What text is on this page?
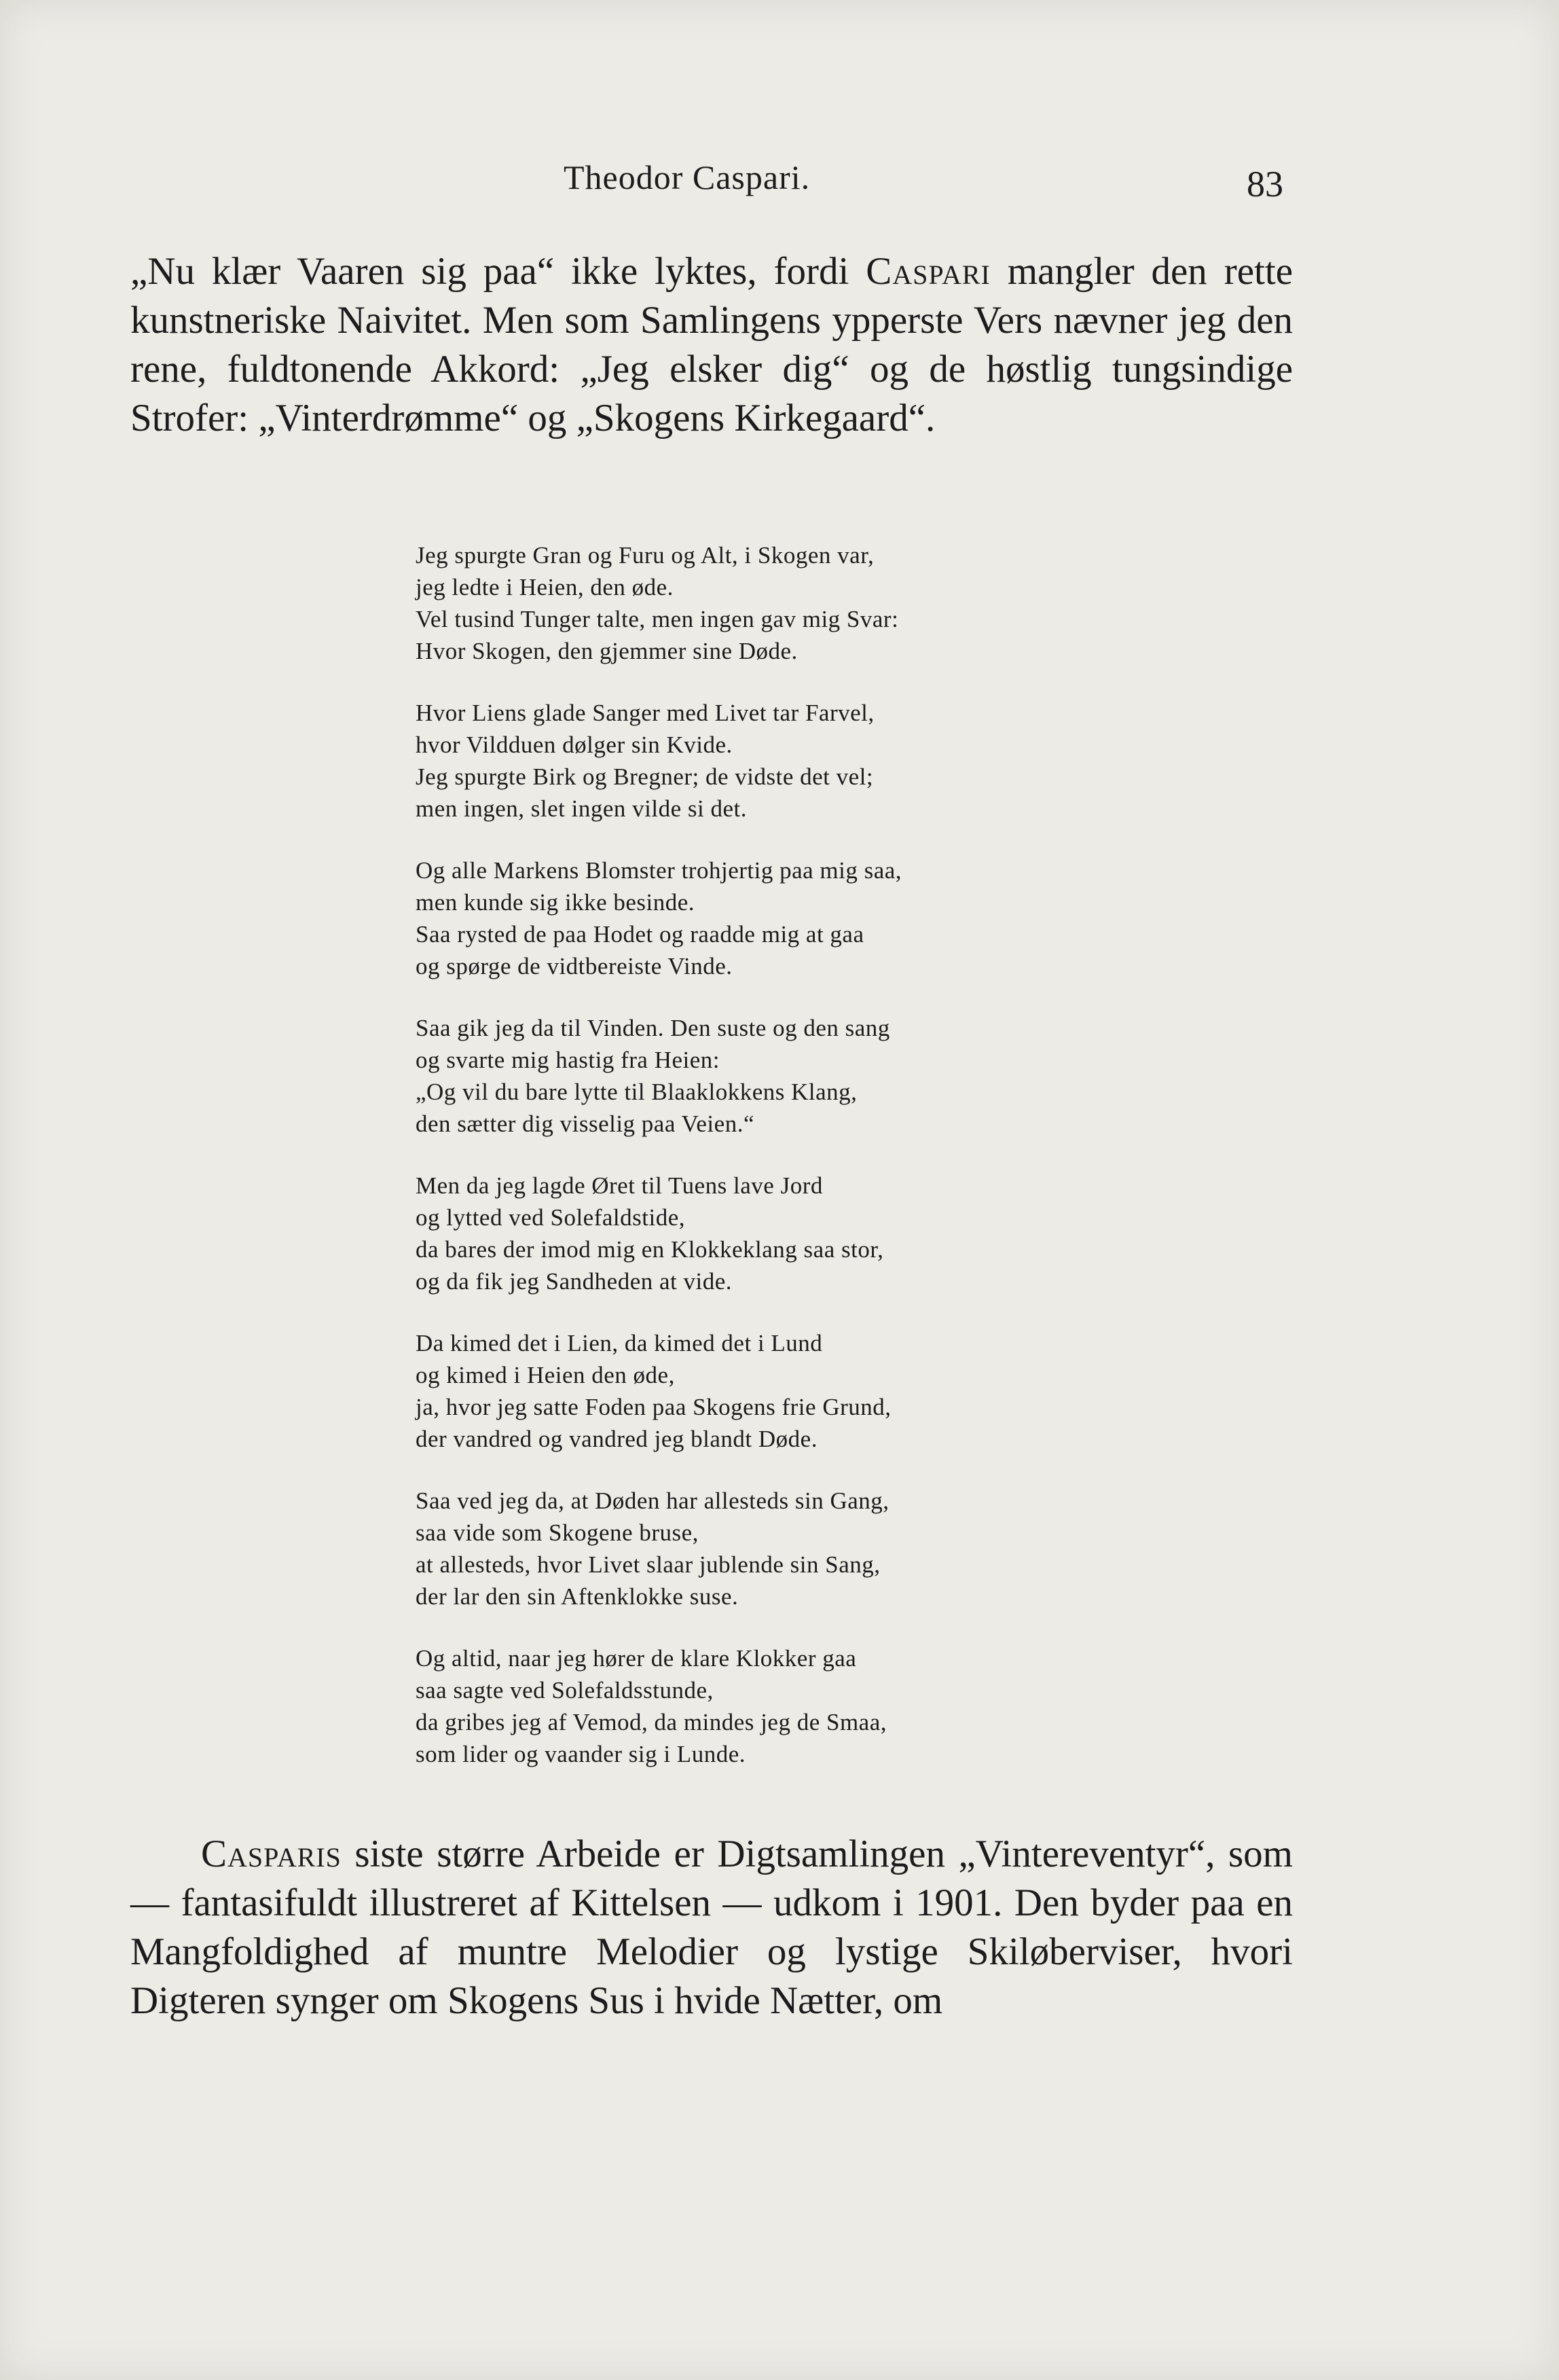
Theodor Caspari.	83

„Nu klær Vaaren sig paa“ ikke lyktes, fordi Caspari mangler den rette kunstneriske Naivitet. Men som Samlingens ypperste Vers nævner jeg den rene, fuldtonende Akkord: „Jeg elsker dig“ og de høstlig tungsindige Strofer: „Vinterdrømme“ og „Skogens Kirkegaard“.

Jeg spurgte Gran og Furu og Alt, i Skogen var,
jeg ledte i Heien, den øde.
Vel tusind Tunger talte, men ingen gav mig Svar:
Hvor Skogen, den gjemmer sine Døde.
Hvor Liens glade Sanger med Livet tar Farvel,
hvor Vildduen dølger sin Kvide.
Jeg spurgte Birk og Bregner; de vidste det vel;
men ingen, slet ingen vilde si det.
Og alle Markens Blomster trohjertig paa mig saa,
men kunde sig ikke besinde.
Saa rysted de paa Hodet og raadde mig at gaa
og spørge de vidtbereiste Vinde.
Saa gik jeg da til Vinden. Den suste og den sang
og svarte mig hastig fra Heien:
„Og vil du bare lytte til Blaaklokkens Klang,
den sætter dig visselig paa Veien.“
Men da jeg lagde Øret til Tuens lave Jord
og lytted ved Solefaldstide,
da bares der imod mig en Klokkeklang saa stor,
og da fik jeg Sandheden at vide.
Da kimed det i Lien, da kimed det i Lund
og kimed i Heien den øde,
ja, hvor jeg satte Foden paa Skogens frie Grund,
der vandred og vandred jeg blandt Døde.
Saa ved jeg da, at Døden har allesteds sin Gang,
saa vide som Skogene bruse,
at allesteds, hvor Livet slaar jublende sin Sang,
der lar den sin Aftenklokke suse.
Og altid, naar jeg hører de klare Klokker gaa
saa sagte ved Solefaldsstunde,
da gribes jeg af Vemod, da mindes jeg de Smaa,
som lider og vaander sig i Lunde.

Casparis siste større Arbeide er Digtsamlingen „Vintereventyr“, som — fantasifuldt illustreret af Kittelsen — udkom i 1901. Den byder paa en Mangfoldighed af muntre Melodier og lystige Skiløberviser, hvori Digteren synger om Skogens Sus i hvide Nætter, om
